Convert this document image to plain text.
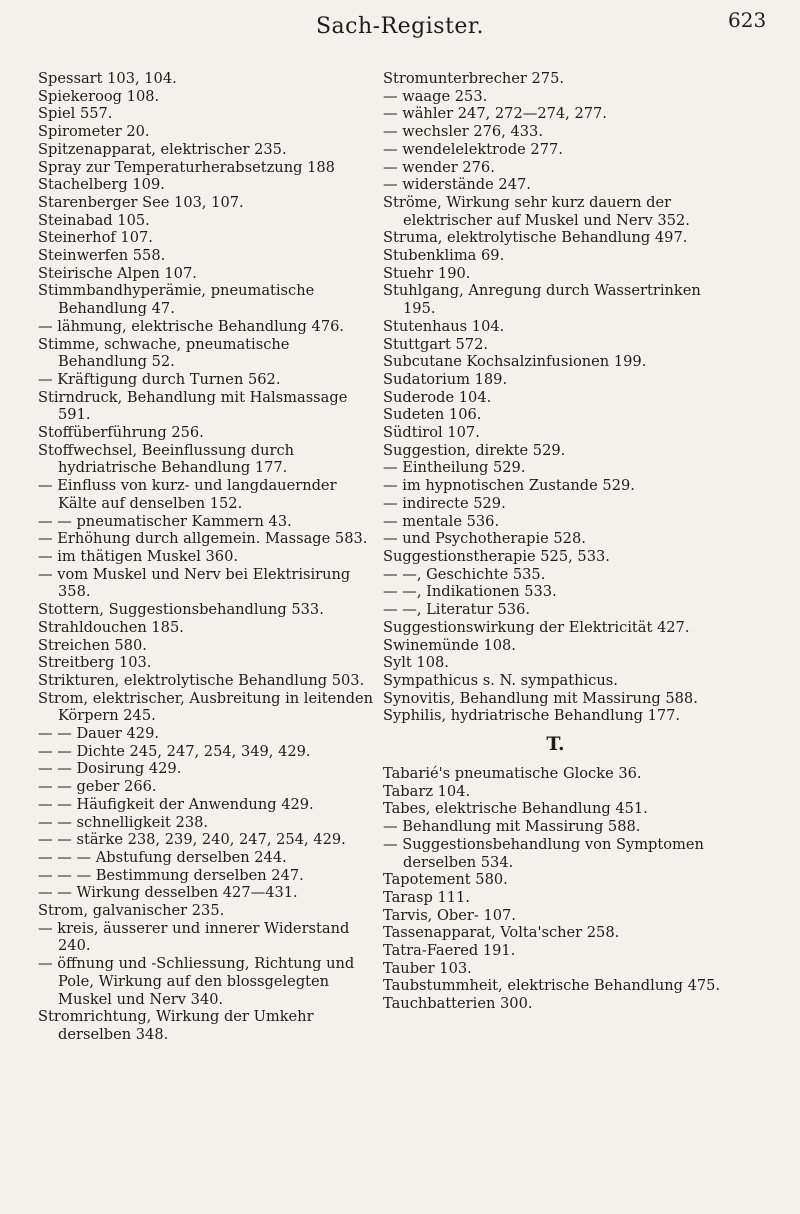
Sach-Register.	623

Spessart 103, 104.

Spiekeroog 108.

Spiel 557.

Spirometer 20.

Spitzenapparat, elektrischer 235.

Spray zur Temperaturherabsetzung 188

Stachelberg 109.

Starenberger See 103, 107.

Steinabad 105.

Steinerhof 107.

Steinwerfen 558.

Steirische Alpen 107.

Stimmbandhyperämie, pneumatische Behandlung 47.

— lähmung, elektrische Behandlung 476.

Stimme, schwache, pneumatische Behandlung 52.

— Kräftigung durch Turnen 562.

Stirndruck, Behandlung mit Halsmassage 591.

Stoffüberführung 256.

Stoffwechsel, Beeinflussung durch hydriatrische Behandlung 177.

— Einfluss von kurz- und langdauernder Kälte auf denselben 152.

— — pneumatischer Kammern 43.

— Erhöhung durch allgemein. Massage 583.

— im thätigen Muskel 360.

— vom Muskel und Nerv bei Elektrisirung 358.

Stottern, Suggestionsbehandlung 533.

Strahldouchen 185.

Streichen 580.

Streitberg 103.

Strikturen, elektrolytische Behandlung 503.

Strom, elektrischer, Ausbreitung in leitenden Körpern 245.

— — Dauer 429.

— — Dichte 245, 247, 254, 349, 429.

— — Dosirung 429.

— — geber 266.

— — Häufigkeit der Anwendung 429.

— — schnelligkeit 238.

— — stärke 238, 239, 240, 247, 254, 429.

— — — Abstufung derselben 244.

— — — Bestimmung derselben 247.

— — Wirkung desselben 427—431.

Strom, galvanischer 235.

— kreis, äusserer und innerer Widerstand 240.

— öffnung und -Schliessung, Richtung und Pole, Wirkung auf den blossgelegten Muskel und Nerv 340.

Stromrichtung, Wirkung der Umkehr derselben 348.

Stromunterbrecher 275.

— waage 253.

— wähler 247, 272—274, 277.

— wechsler 276, 433.

— wendelelektrode 277.

— wender 276.

— widerstände 247.

Ströme, Wirkung sehr kurz dauern der elektrischer auf Muskel und Nerv 352.

Struma, elektrolytische Behandlung 497.

Stubenklima 69.

Stuehr 190.

Stuhlgang, Anregung durch Wassertrinken 195.

Stutenhaus 104.

Stuttgart 572.

Subcutane Kochsalzinfusionen 199.

Sudatorium 189.

Suderode 104.

Sudeten 106.

Südtirol 107.

Suggestion, direkte 529.

— Eintheilung 529.

— im hypnotischen Zustande 529.

— indirecte 529.

— mentale 536.

— und Psychotherapie 528.

Suggestionstherapie 525, 533.

— —, Geschichte 535.

— —, Indikationen 533.

— —, Literatur 536.

Suggestionswirkung der Elektricität 427.

Swinemünde 108.

Sylt 108.

Sympathicus s. N. sympathicus.

Synovitis, Behandlung mit Massirung 588.

Syphilis, hydriatrische Behandlung 177.

T.

Tabarié's pneumatische Glocke 36.

Tabarz 104.

Tabes, elektrische Behandlung 451.

— Behandlung mit Massirung 588.

— Suggestionsbehandlung von Symptomen derselben 534.

Tapotement 580.

Tarasp 111.

Tarvis, Ober- 107.

Tassenapparat, Volta'scher 258.

Tatra-Faered 191.

Tauber 103.

Taubstummheit, elektrische Behandlung 475.

Tauchbatterien 300.
